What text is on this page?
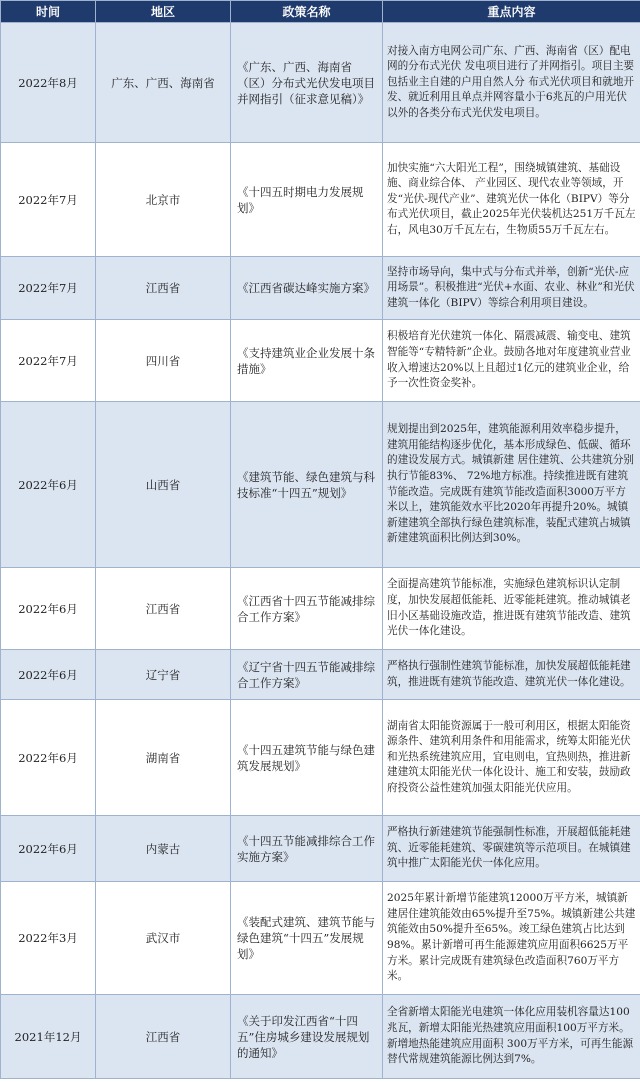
时间	地区	政策名称	重点内容
2022年8月	广东、广西、海南省	《广东、广西、海南省（区）分布式光伏发电项目并网指引（征求意见稿）》	对接入南方电网公司广东、广西、海南省（区）配电网的分布式光伏 发电项目进行了并网指引。项目主要包括业主自建的户用自然人分 布式光伏项目和就地开发、就近利用且单点并网容量小于6兆瓦的户用光伏以外的各类分布式光伏发电项目。
2022年7月	北京市	《十四五时期电力发展规划》	加快实施“六大阳光工程”，围绕城镇建筑、基础设施、商业综合体、 产业园区、现代农业等领域，开发“光伏-现代产业”、建筑光伏一体化（BIPV）等分布式光伏项目，截止2025年光伏装机达251万千瓦左右，风电30万千瓦左右，生物质55万千瓦左右。
2022年7月	江西省	《江西省碳达峰实施方案》	坚持市场导向，集中式与分布式并举，创新“光伏-应用场景”。积极推进“光伏+水面、农业、林业”和光伏建筑一体化（BIPV）等综合利用项目建设。
2022年7月	四川省	《支持建筑业企业发展十条措施》	积极培育光伏建筑一体化、隔震减震、输变电、建筑智能等“专精特新”企业。鼓励各地对年度建筑业营业收入增速达20%以上且超过1亿元的建筑业企业，给予一次性资金奖补。
2022年6月	山西省	《建筑节能、绿色建筑与科技标准“十四五”规划》	规划提出到2025年，建筑能源利用效率稳步提升，建筑用能结构逐步优化，基本形成绿色、低碳、循环的建设发展方式。城镇新建 居住建筑、公共建筑分别执行节能83%、 72%地方标准。持续推进既有建筑节能改造。完成既有建筑节能改造面积3000万平方米以上，建筑能效水平比2020年再提升20%。城镇新建建筑全部执行绿色建筑标准，装配式建筑占城镇新建建筑面积比例达到30%。
2022年6月	江西省	《江西省十四五节能减排综合工作方案》	全面提高建筑节能标准，实施绿色建筑标识认定制度，加快发展超低能耗、近零能耗建筑。推动城镇老旧小区基础设施改造，推进既有建筑节能改造、建筑光伏一体化建设。
2022年6月	辽宁省	《辽宁省十四五节能减排综合工作方案》	严格执行强制性建筑节能标准，加快发展超低能耗建筑，推进既有建筑节能改造、建筑光伏一体化建设。
2022年6月	湖南省	《十四五建筑节能与绿色建筑发展规划》	湖南省太阳能资源属于一般可利用区，根据太阳能资源条件、建筑利用条件和用能需求，统筹太阳能光伏和光热系统建筑应用，宜电则电，宜热则热，推进新建建筑太阳能光伏一体化设计、施工和安装，鼓励政府投资公益性建筑加强太阳能光伏应用。
2022年6月	内蒙古	《十四五节能减排综合工作实施方案》	严格执行新建建筑节能强制性标准，开展超低能耗建筑、近零能耗建筑、零碳建筑等示范项目。在城镇建筑中推广太阳能光伏一体化应用。
2022年3月	武汉市	《装配式建筑、建筑节能与绿色建筑“十四五”发展规划》	2025年累计新增节能建筑12000万平方米，城镇新建居住建筑能效由65%提升至75%。城镇新建公共建筑能效由50%提升至65%。竣工绿色建筑占比达到98%。累计新增可再生能源建筑应用面积6625万平方米。累计完成既有建筑绿色改造面积760万平方米。
2021年12月	江西省	《关于印发江西省“十四五”住房城乡建设发展规划的通知》	全省新增太阳能光电建筑一体化应用装机容量达100兆瓦，新增太阳能光热建筑应用面积100万平方米。新增地热能建筑应用面积 300万平方米，可再生能源替代常规建筑能源比例达到7%。
